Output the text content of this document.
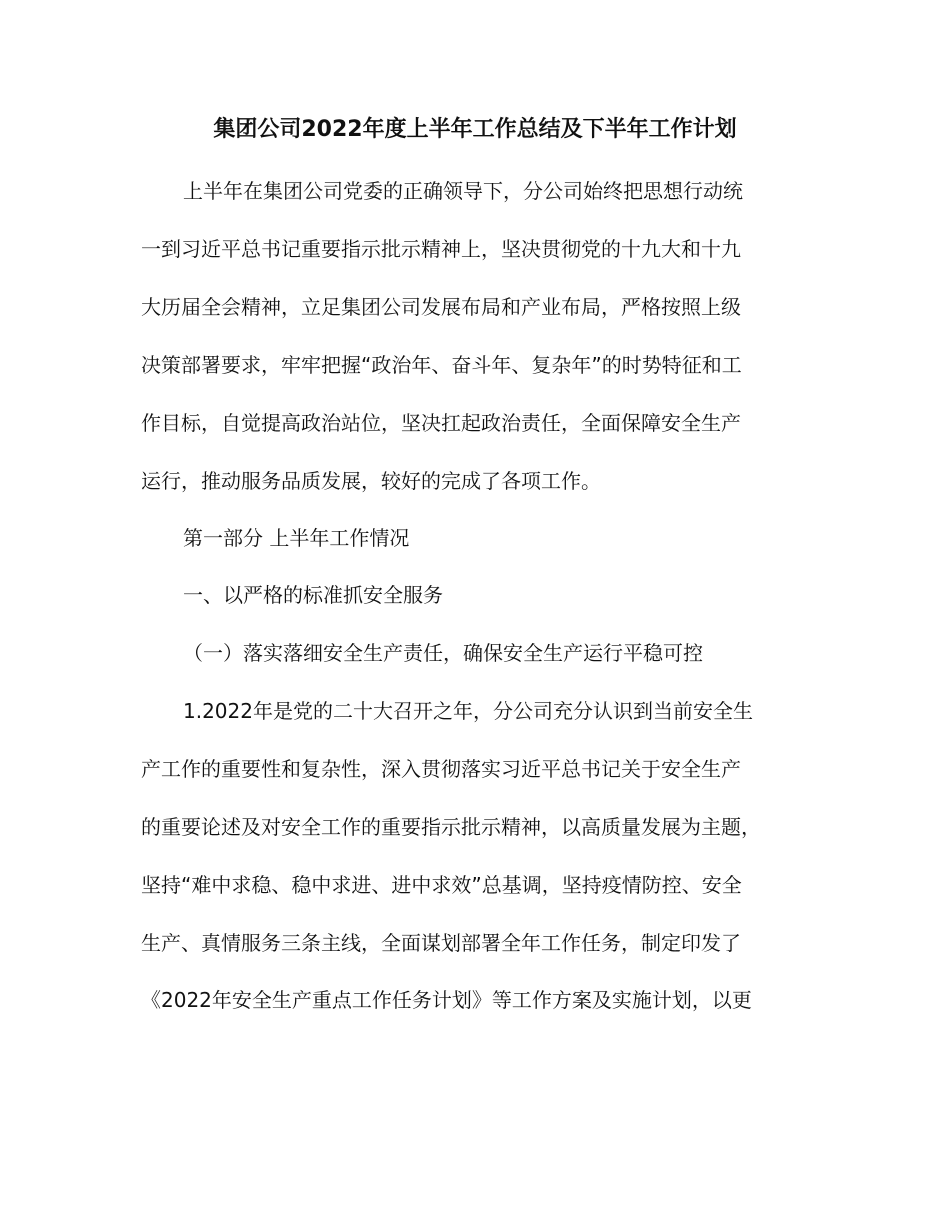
集团公司2022年度上半年工作总结及下半年工作计划

上半年在集团公司党委的正确领导下，分公司始终把思想行动统

一到习近平总书记重要指示批示精神上，坚决贯彻党的十九大和十九

大历届全会精神，立足集团公司发展布局和产业布局，严格按照上级

决策部署要求，牢牢把握“政治年、奋斗年、复杂年”的时势特征和工

作目标，自觉提高政治站位，坚决扛起政治责任，全面保障安全生产

运行，推动服务品质发展，较好的完成了各项工作。

第一部分 上半年工作情况

一、以严格的标准抓安全服务

（一）落实落细安全生产责任，确保安全生产运行平稳可控

1.2022年是党的二十大召开之年，分公司充分认识到当前安全生

产工作的重要性和复杂性，深入贯彻落实习近平总书记关于安全生产

的重要论述及对安全工作的重要指示批示精神，以高质量发展为主题，

坚持“难中求稳、稳中求进、进中求效”总基调，坚持疫情防控、安全

生产、真情服务三条主线，全面谋划部署全年工作任务，制定印发了

《2022年安全生产重点工作任务计划》等工作方案及实施计划，以更
